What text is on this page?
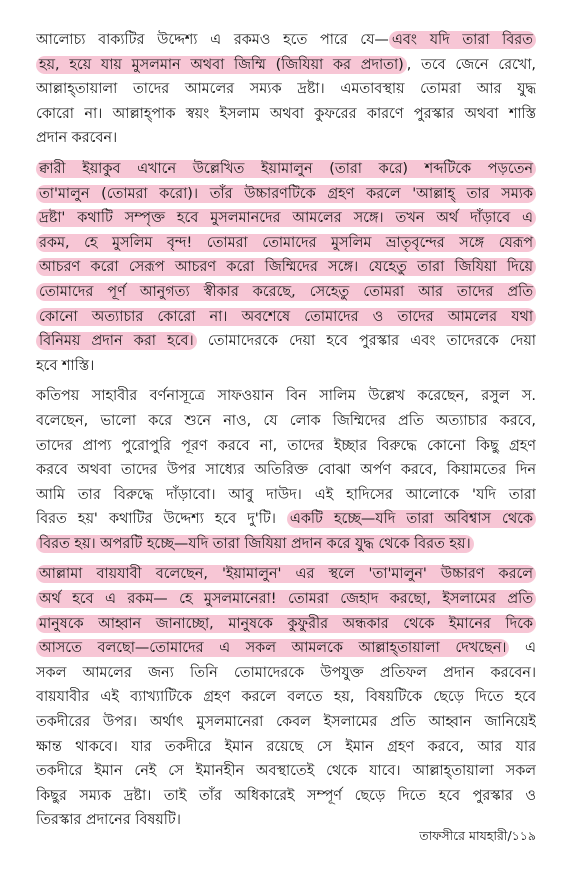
আলোচ্য বাক্যটির উদ্দেশ্য এ রকমও হতে পারে যে— এবং যদি তারা বিরত
হয়, হয়ে যায় মুসলমান অথবা জিম্মি (জিযিয়া কর প্রদাতা) , তবে জেনে রেখো,
আল্লাহ্‌তায়ালা তাদের আমলের সম্যক দ্রষ্টা। এমতাবস্থায় তোমরা আর যুদ্ধ
কোরো না। আল্লাহ্‌পাক স্বয়ং ইসলাম অথবা কুফরের কারণে পুরস্কার অথবা শাস্তি
প্রদান করবেন।
ক্বারী ইয়াকুব এখানে উল্লেখিত ইয়ামালুন (তারা করে) শব্দটিকে পড়তেন
তা'মালুন (তোমরা করো)। তাঁর উচ্চারণটিকে গ্রহণ করলে 'আল্লাহ্ তার সম্যক
দ্রষ্টা' কথাটি সম্পৃক্ত হবে মুসলমানদের আমলের সঙ্গে। তখন অর্থ দাঁড়াবে এ
রকম, হে মুসলিম বৃন্দ! তোমরা তোমাদের মুসলিম ভ্রাতৃবৃন্দের সঙ্গে যেরূপ
আচরণ করো সেরূপ আচরণ করো জিম্মিদের সঙ্গে। যেহেতু তারা জিযিয়া দিয়ে
তোমাদের পূর্ণ আনুগত্য স্বীকার করেছে, সেহেতু তোমরা আর তাদের প্রতি
কোনো অত্যাচার কোরো না। অবশেষে তোমাদের ও তাদের আমলের যথা
বিনিময় প্রদান করা হবে। তোমাদেরকে দেয়া হবে পুরস্কার এবং তাদেরকে দেয়া
হবে শাস্তি।
কতিপয় সাহাবীর বর্ণনাসূত্রে সাফওয়ান বিন সালিম উল্লেখ করেছেন, রসুল স.
বলেছেন, ভালো করে শুনে নাও, যে লোক জিম্মিদের প্রতি অত্যাচার করবে,
তাদের প্রাপ্য পুরোপুরি পূরণ করবে না, তাদের ইচ্ছার বিরুদ্ধে কোনো কিছু গ্রহণ
করবে অথবা তাদের উপর সাধ্যের অতিরিক্ত বোঝা অর্পণ করবে, কিয়ামতের দিন
আমি তার বিরুদ্ধে দাঁড়াবো। আবু দাউদ। এই হাদিসের আলোকে 'যদি তারা
বিরত হয়' কথাটির উদ্দেশ্য হবে দু'টি। একটি হচ্ছে—যদি তারা অবিশ্বাস থেকে
বিরত হয়। অপরটি হচ্ছে—যদি তারা জিযিয়া প্রদান করে যুদ্ধ থেকে বিরত হয়।
আল্লামা বায়যাবী বলেছেন, 'ইয়ামালুন' এর স্থলে 'তা'মালুন' উচ্চারণ করলে
অর্থ হবে এ রকম— হে মুসলমানেরা! তোমরা জেহাদ করছো, ইসলামের প্রতি
মানুষকে আহ্বান জানাচ্ছো, মানুষকে কুফুরীর অন্ধকার থেকে ইমানের দিকে
আসতে বলছো—তোমাদের এ সকল আমলকে আল্লাহ্‌তায়ালা দেখছেন। এ
সকল আমলের জন্য তিনি তোমাদেরকে উপযুক্ত প্রতিফল প্রদান করবেন।
বায়যাবীর এই ব্যাখ্যাটিকে গ্রহণ করলে বলতে হয়, বিষয়টিকে ছেড়ে দিতে হবে
তকদীরের উপর। অর্থাৎ মুসলমানেরা কেবল ইসলামের প্রতি আহ্বান জানিয়েই
ক্ষান্ত থাকবে। যার তকদীরে ইমান রয়েছে সে ইমান গ্রহণ করবে, আর যার
তকদীরে ইমান নেই সে ইমানহীন অবস্থাতেই থেকে যাবে। আল্লাহ্‌তায়ালা সকল
কিছুর সম্যক দ্রষ্টা। তাই তাঁর অধিকারেই সম্পূর্ণ ছেড়ে দিতে হবে পুরস্কার ও
তিরস্কার প্রদানের বিষয়টি।
তাফসীরে মাযহারী/১১৯
